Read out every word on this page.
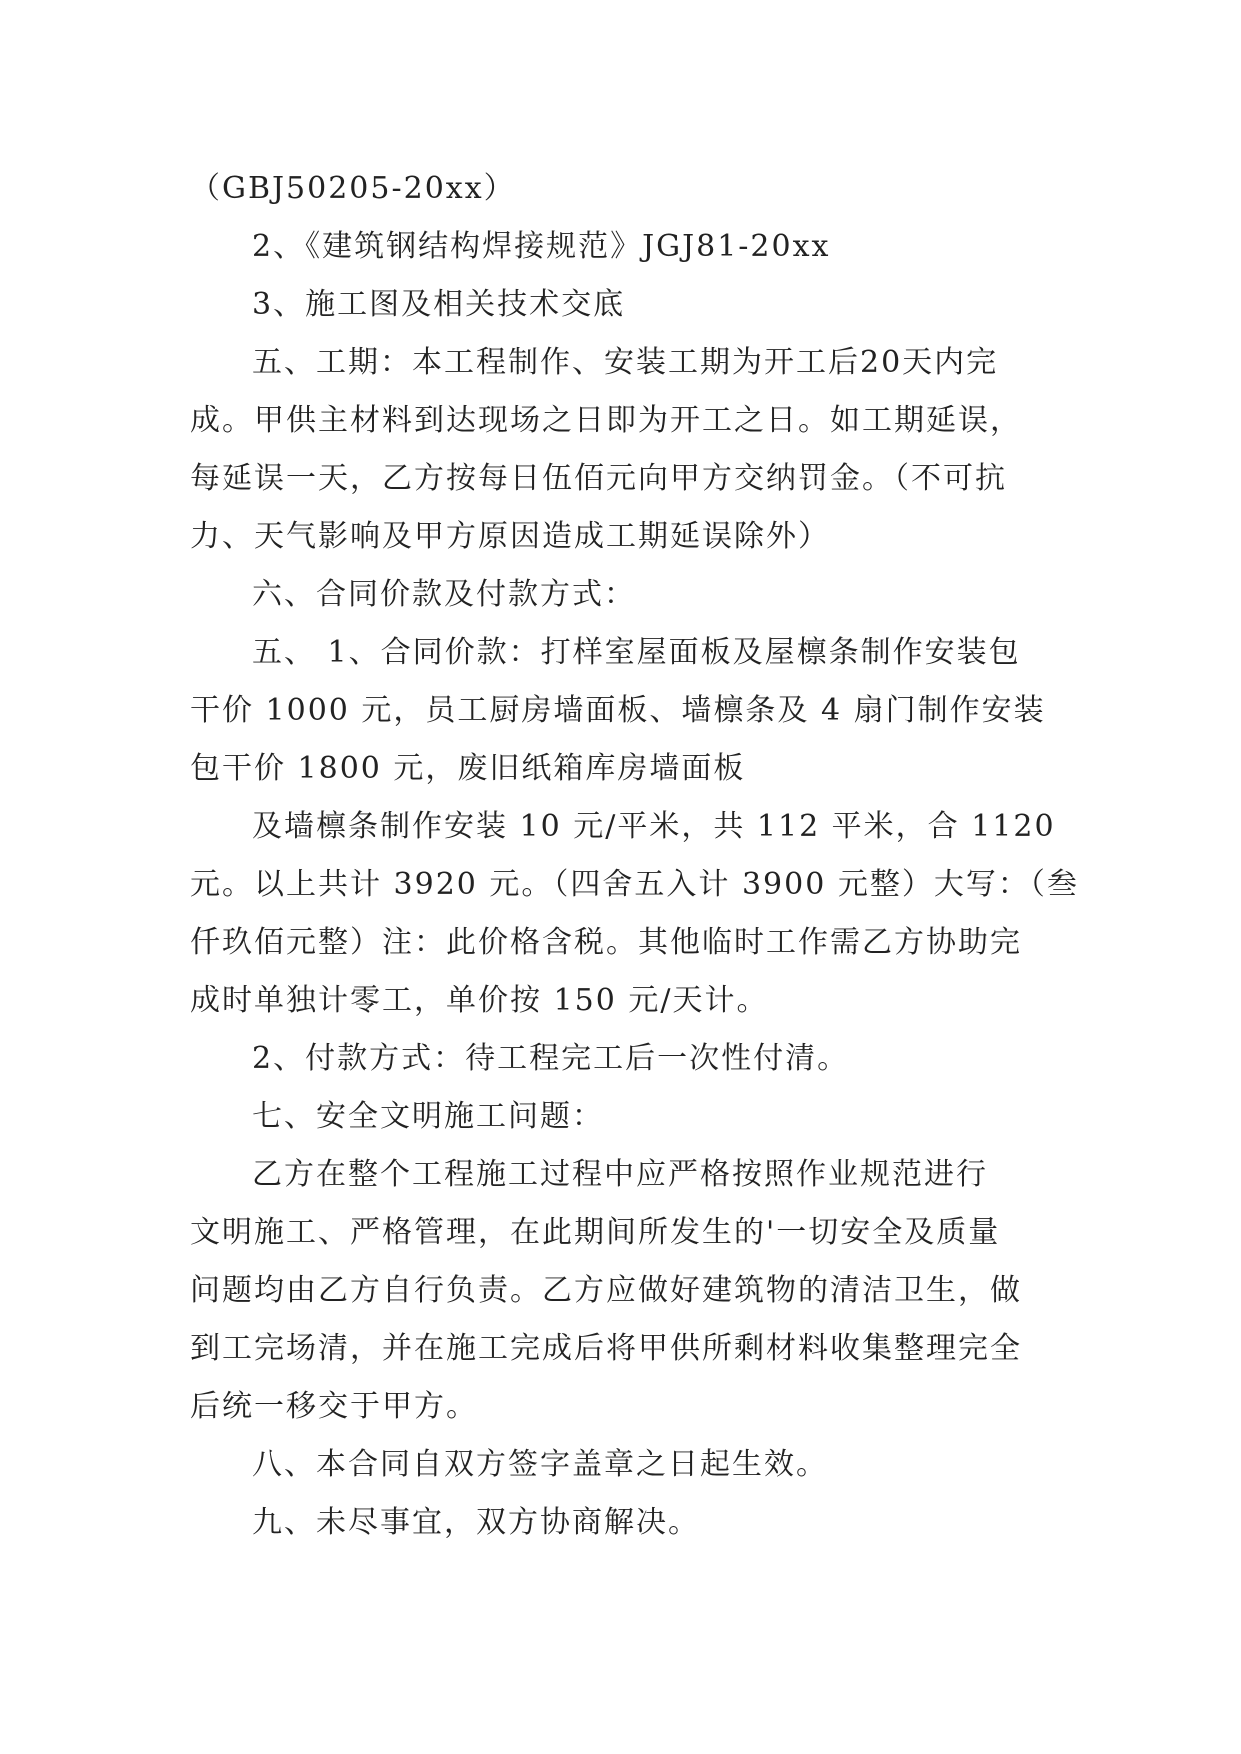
（GBJ50205-20xx）
2、《建筑钢结构焊接规范》JGJ81-20xx
3、施工图及相关技术交底
五、工期：本工程制作、安装工期为开工后20天内完
成。甲供主材料到达现场之日即为开工之日。如工期延误，
每延误一天，乙方按每日伍佰元向甲方交纳罚金。（不可抗
力、天气影响及甲方原因造成工期延误除外）
六、合同价款及付款方式：
五、 1、合同价款：打样室屋面板及屋檩条制作安装包
干价 1000 元，员工厨房墙面板、墙檩条及 4 扇门制作安装
包干价 1800 元，废旧纸箱库房墙面板
及墙檩条制作安装 10 元/平米，共 112 平米，合 1120
元。以上共计 3920 元。（四舍五入计 3900 元整）大写：（叁
仟玖佰元整）注：此价格含税。其他临时工作需乙方协助完
成时单独计零工，单价按 150 元/天计。
2、付款方式：待工程完工后一次性付清。
七、安全文明施工问题：
乙方在整个工程施工过程中应严格按照作业规范进行
文明施工、严格管理，在此期间所发生的'一切安全及质量
问题均由乙方自行负责。乙方应做好建筑物的清洁卫生，做
到工完场清，并在施工完成后将甲供所剩材料收集整理完全
后统一移交于甲方。
八、本合同自双方签字盖章之日起生效。
九、未尽事宜，双方协商解决。
